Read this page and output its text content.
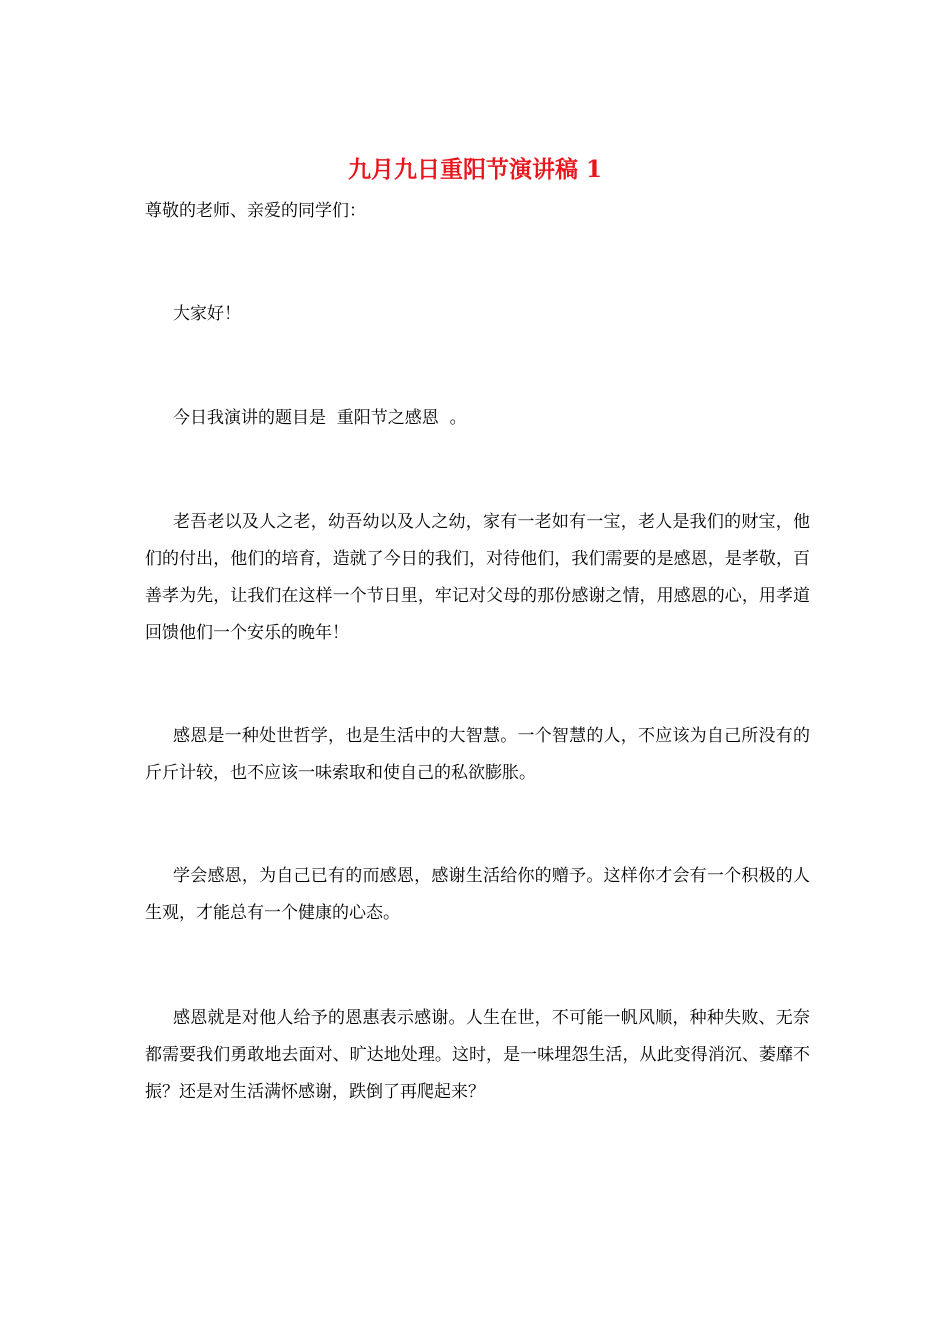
九月九日重阳节演讲稿 1

尊敬的老师、亲爱的同学们：

大家好！

今日我演讲的题目是  重阳节之感恩  。

老吾老以及人之老，幼吾幼以及人之幼，家有一老如有一宝，老人是我们的财宝，他们的付出，他们的培育，造就了今日的我们，对待他们，我们需要的是感恩，是孝敬，百善孝为先，让我们在这样一个节日里，牢记对父母的那份感谢之情，用感恩的心，用孝道回馈他们一个安乐的晚年！

感恩是一种处世哲学，也是生活中的大智慧。一个智慧的人，不应该为自己所没有的斤斤计较，也不应该一味索取和使自己的私欲膨胀。

学会感恩，为自己已有的而感恩，感谢生活给你的赠予。这样你才会有一个积极的人生观，才能总有一个健康的心态。

感恩就是对他人给予的恩惠表示感谢。人生在世，不可能一帆风顺，种种失败、无奈都需要我们勇敢地去面对、旷达地处理。这时，是一味埋怨生活，从此变得消沉、萎靡不振？还是对生活满怀感谢，跌倒了再爬起来？
